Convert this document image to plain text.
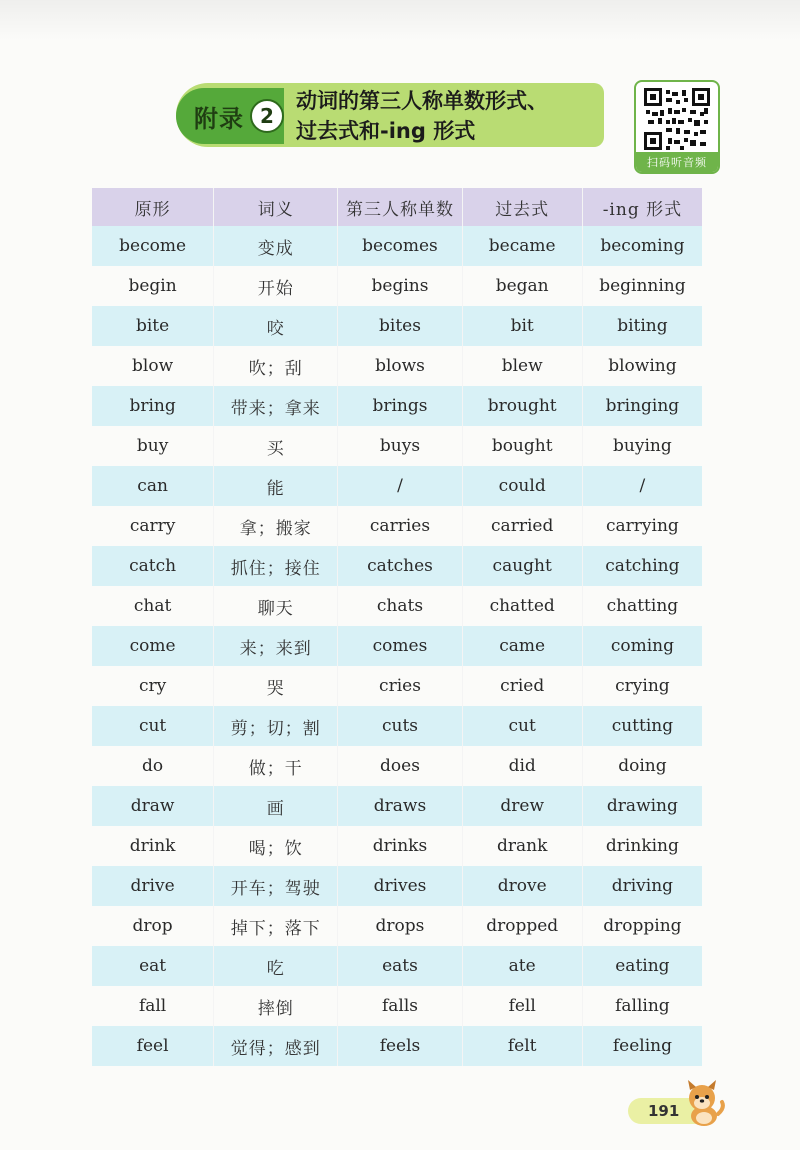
附录 2
动词的第三人称单数形式、
过去式和-ing 形式
扫码听音频
原形	词义	第三人称单数	过去式	-ing 形式
become	变成	becomes	became	becoming
begin	开始	begins	began	beginning
bite	咬	bites	bit	biting
blow	吹；刮	blows	blew	blowing
bring	带来；拿来	brings	brought	bringing
buy	买	buys	bought	buying
can	能	/	could	/
carry	拿；搬家	carries	carried	carrying
catch	抓住；接住	catches	caught	catching
chat	聊天	chats	chatted	chatting
come	来；来到	comes	came	coming
cry	哭	cries	cried	crying
cut	剪；切；割	cuts	cut	cutting
do	做；干	does	did	doing
draw	画	draws	drew	drawing
drink	喝；饮	drinks	drank	drinking
drive	开车；驾驶	drives	drove	driving
drop	掉下；落下	drops	dropped	dropping
eat	吃	eats	ate	eating
fall	摔倒	falls	fell	falling
feel	觉得；感到	feels	felt	feeling
191
